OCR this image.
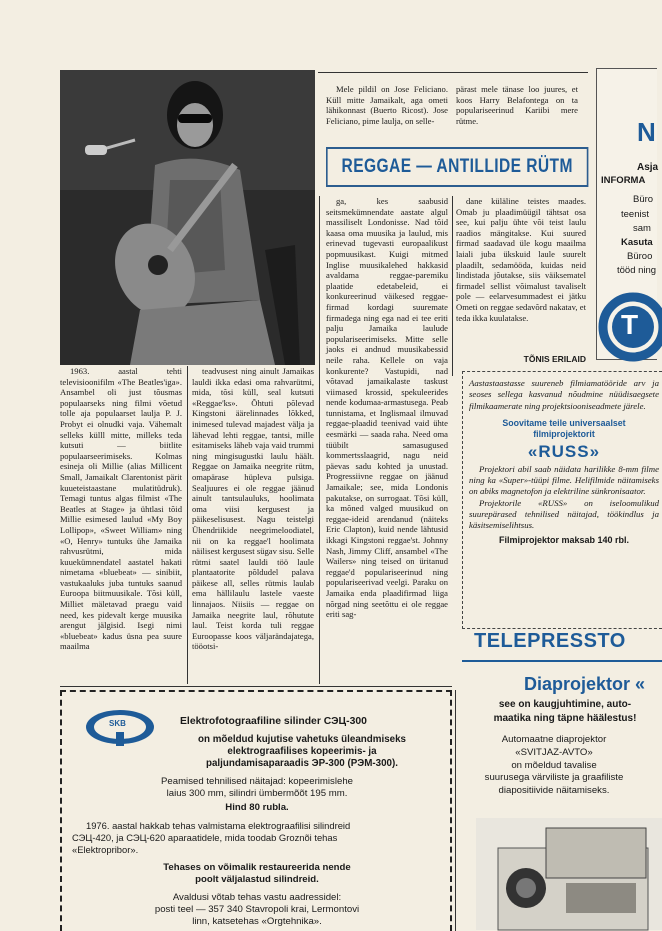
1963. aastal tehti televisioonifilm «The Beatles'iga». Ansambel oli just tõusmas populaarseks ning filmi võetud tolle aja populaarset laulja P. J. Probyt ei olnudki vaja. Vähemalt selleks külll mitte, milleks teda kutsuti — biitlite populaarseerimiseks. Kolmas esineja oli Millie (alias Millicent Small, Jamaikalt Clarentonist pärit kuueteistaastane mulatitüdruk). Temagi tuntus algas filmist «The Beatles at Stage» ja ühtlasi tõid Millie esimesed laulud «My Boy Lollipop», «Sweet William» ning «O, Henry» tuntuks ühe Jamaika rahvusrütmi, mida kuuekümnendatel aastatel hakati nimetama «bluebeat» — sinibiit, vastukaaluks juba tuntuks saanud Euroopa biitmuusikale. Tõsi küll, Milliet mäletavad praegu vaid need, kes pidevalt kerge muusika arengut jälgisid. Isegi nimi «bluebeat» kadus üsna pea suure maailma

Mele pildil on Jose Feliciano. Küll mitte Jamaikalt, aga ometi lähikonnast (Buerto Ricost). Jose Feliciano, pime laulja, on selle-

pärast mele tänase loo juures, et koos Harry Belafontega on ta populariseerinud Kariibi mere rütme.

REGGAE — ANTILLIDE RÜTM

teadvusest ning ainult Jamaikas lauldi ikka edasi oma rahvarütmi, mida, tõsi küll, seal kutsuti «Reggae'ks». Õhtuti põlevad Kingstoni äärelinnades lõkked, inimesed tulevad majadest välja ja lähevad lehti reggae, tantsi, mille esitamiseks läheb vaja vaid trummi ning mingisugustki laulu häält. Reggae on Jamaika neegrite rütm, omapärase hüpleva pulsiga. Sealjuures ei ole reggae jäänud ainult tantsulauluks, hoolimata oma viisi kergusest ja päikeselisusest. Nagu teistelgi Ühendriikide neegrimeloodiatel, nii on ka reggae'l hoolimata näilisest kergusest sügav sisu. Selle rütmi saatel lauldi töö laule plantaatorite põldudel palava päikese all, selles rütmis laulab ema hällilaulu lastele vaeste linnajaos. Niisiis — reggae on Jamaika neegrite laul, rõhutute laul. Teist korda tuli reggae Euroopasse koos väljarändajatega, tööotsi-

ga, kes saabusid seitsmekümnendate aastate algul massiliselt Londonisse. Nad tõid kaasa oma muusika ja laulud, mis erinevad tugevasti europaalikust popmuusikast. Kuigi mitmed Inglise muusikalehed hakkasid avaldama reggae-paremiku plaatide edetabeleid, ei konkureerinud väikesed reggae-firmad kordagi suuremate firmadega ning ega nad ei tee eriti palju Jamaika laulude populariseerimiseks. Mitte selle jaoks ei andnud muusikabessid neile raha. Kellele on vaja konkurente? Vastupidi, nad võtavad jamaikalaste taskust viimased krossid, spekuleerides nende kodumaa-armastusega. Peab tunnistama, et Inglismaal ilmuvad reggae-plaadid teenivad vaid ühte eesmärki — saada raha. Need oma tüübilt samasugused kommertsslaagrid, nagu neid päevas sadu kohted ja unustad. Progressiivne reggae on jäänud Jamaikale; see, mida Londonis pakutakse, on surrogaat. Tõsi küll, ka mõned valged muusikud on reggae-ideid arendanud (näiteks Eric Clapton), kuid nende lähtusid ikkagi Kingstoni reggae'st. Johnny Nash, Jimmy Cliff, ansambel «The Wailers» ning teised on üritanud reggae'd populariseerinud ning populariseerivad veelgi. Paraku on Jamaika enda plaadifirmad liiga nõrgad ning seetõttu ei ole reggae eriti sag-

dane küläline teistes maades. Omab ju plaadimüügil tähtsat osa see, kui palju ühte või teist laulu raadios mängitakse. Kui suured firmad saadavad üle kogu maailma laiali juba ükskuid laule suurelt plaadilt, sedamööda, kuidas neid lindistada jõutakse, siis väiksematel firmadel sellist võimalust tavaliselt pole — eelarvesummadest ei jätku Ometi on reggae sedavõrd nakatav, et teda ikka kuulatakse.

TÕNIS ERILAID
N
Asja
INFORMA
Büro
teenist
sam
Kasuta
Büroo
tööd ning
T
Aastastaastasse suureneb filmiamatööride arv ja seoses sellega kasvanud nõudmine nüüdisaegsete filmikaamerate ning projektsiooniseadmete järele.
Soovitame teile universaalset filmiprojektorit
«RUSS»
Projektori abil saab näidata harilikke 8-mm filme ning ka «Super»-tüüpi filme. Helifilmide näitamiseks on abiks magnetofon ja elektriline sünkronisaator.
Projektorile «RUSS» on iseloomulikud suurepärased tehnilised näitajad, töökindlus ja käsitsemiselihtsus.
Filmiprojektor maksab 140 rbl.
TELEPRESSTO
Diaprojektor «
see on kaugjuhtimine, auto-
maatika ning täpne häälestus!
Automaatne diaprojektor
«SVITJAZ-AVTO»
on mõeldud tavalise
suurusega värviliste ja graafiliste
diapositiivide näitamiseks.
SKB	Elektrofotograafiline silinder СЭЦ-300
on mõeldud kujutise vahetuks üleandmiseks
elektrograafilises kopeerimis- ja
paljundamisaparaadis ЭР-300 (РЭМ-300).
Peamised tehnilised näitajad: kopeerimislehe
laius 300 mm, silindri ümbermõõt 195 mm.
Hind 80 rubla.
1976. aastal hakkab tehas valmistama elektrograafilisi silindreid
СЭЦ-420, ja СЭЦ-620 aparaatidele, mida toodab Groznõi tehas
«Elektropribor».
Tehases on võimalik restaureerida nende
poolt väljalastud silindreid.
Avaldusi võtab tehas vastu aadressidel:
posti teel — 357 340 Stavropoli krai, Lermontovi
linn, katsetehas «Orgtehnika».
